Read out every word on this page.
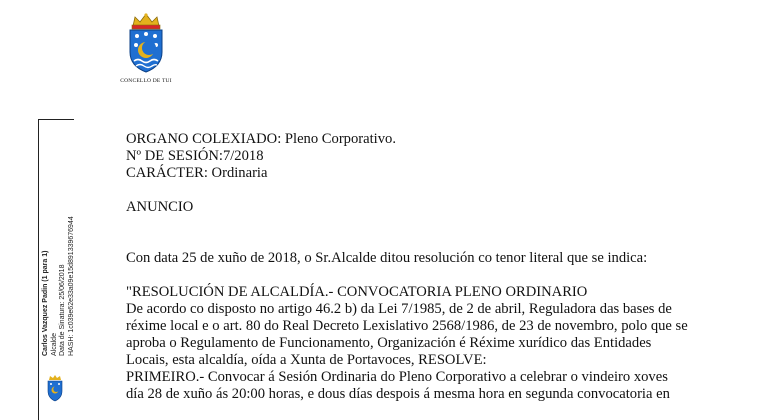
CONCELLO DE TUI
Carlos Vazquez Padin (1 para 1) Alcalde Data de Sinatura: 25/06/2018 HASH: 1c039e62e33a09e15d891339676944
ORGANO COLEXIADO: Pleno Corporativo.
Nº DE SESIÓN:7/2018
CARÁCTER: Ordinaria
ANUNCIO
Con data 25 de xuño de 2018, o Sr.Alcalde ditou resolución co tenor literal que se indica:
"RESOLUCIÓN DE ALCALDÍA.- CONVOCATORIA PLENO ORDINARIO
De acordo co disposto no artigo 46.2 b) da Lei 7/1985, de 2 de abril, Reguladora das bases de
réxime local e o art. 80 do Real Decreto Lexislativo 2568/1986, de 23 de novembro, polo que se
aproba o Regulamento de Funcionamento, Organización é Réxime xurídico das Entidades
Locais, esta alcaldía, oída a Xunta de Portavoces, RESOLVE:
PRIMEIRO.- Convocar á Sesión Ordinaria do Pleno Corporativo a celebrar o vindeiro xoves
día 28 de xuño ás 20:00 horas, e dous días despois á mesma hora en segunda convocatoria en
